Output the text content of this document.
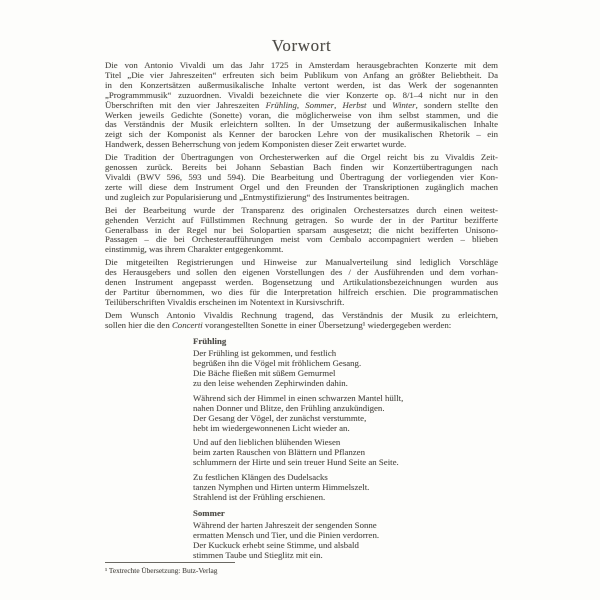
Vorwort
Die von Antonio Vivaldi um das Jahr 1725 in Amsterdam herausgebrachten Konzerte mit dem
Titel „Die vier Jahreszeiten“ erfreuten sich beim Publikum von Anfang an größter Beliebtheit. Da
in den Konzertsätzen außermusikalische Inhalte vertont werden, ist das Werk der sogenannten
„Programmmusik“ zuzuordnen. Vivaldi bezeichnete die vier Konzerte op. 8/1–4 nicht nur in den
Überschriften mit den vier Jahreszeiten Frühling, Sommer, Herbst und Winter, sondern stellte den
Werken jeweils Gedichte (Sonette) voran, die möglicherweise von ihm selbst stammen, und die
das Verständnis der Musik erleichtern sollten. In der Umsetzung der außermusikalischen Inhalte
zeigt sich der Komponist als Kenner der barocken Lehre von der musikalischen Rhetorik – ein
Handwerk, dessen Beherrschung von jedem Komponisten dieser Zeit erwartet wurde.
Die Tradition der Übertragungen von Orchesterwerken auf die Orgel reicht bis zu Vivaldis Zeit-
genossen zurück. Bereits bei Johann Sebastian Bach finden wir Konzertübertragungen nach
Vivaldi (BWV 596, 593 und 594). Die Bearbeitung und Übertragung der vorliegenden vier Kon-
zerte will diese dem Instrument Orgel und den Freunden der Transkriptionen zugänglich machen
und zugleich zur Popularisierung und „Entmystifizierung“ des Instrumentes beitragen.
Bei der Bearbeitung wurde der Transparenz des originalen Orchestersatzes durch einen weitest-
gehenden Verzicht auf Füllstimmen Rechnung getragen. So wurde der in der Partitur bezifferte
Generalbass in der Regel nur bei Solopartien sparsam ausgesetzt; die nicht bezifferten Unisono-
Passagen – die bei Orchesteraufführungen meist vom Cembalo accompagniert werden – blieben
einstimmig, was ihrem Charakter entgegenkommt.
Die mitgeteilten Registrierungen und Hinweise zur Manualverteilung sind lediglich Vorschläge
des Herausgebers und sollen den eigenen Vorstellungen des / der Ausführenden und dem vorhan-
denen Instrument angepasst werden. Bogensetzung und Artikulationsbezeichnungen wurden aus
der Partitur übernommen, wo dies für die Interpretation hilfreich erschien. Die programmatischen
Teilüberschriften Vivaldis erscheinen im Notentext in Kursivschrift.
Dem Wunsch Antonio Vivaldis Rechnung tragend, das Verständnis der Musik zu erleichtern,
sollen hier die den Concerti vorangestellten Sonette in einer Übersetzung¹ wiedergegeben werden:
Frühling
Der Frühling ist gekommen, und festlich
begrüßen ihn die Vögel mit fröhlichem Gesang.
Die Bäche fließen mit süßem Gemurmel
zu den leise wehenden Zephirwinden dahin.
Während sich der Himmel in einen schwarzen Mantel hüllt,
nahen Donner und Blitze, den Frühling anzukündigen.
Der Gesang der Vögel, der zunächst verstummte,
hebt im wiedergewonnenen Licht wieder an.
Und auf den lieblichen blühenden Wiesen
beim zarten Rauschen von Blättern und Pflanzen
schlummern der Hirte und sein treuer Hund Seite an Seite.
Zu festlichen Klängen des Dudelsacks
tanzen Nymphen und Hirten unterm Himmelszelt.
Strahlend ist der Frühling erschienen.
Sommer
Während der harten Jahreszeit der sengenden Sonne
ermatten Mensch und Tier, und die Pinien verdorren.
Der Kuckuck erhebt seine Stimme, und alsbald
stimmen Taube und Stieglitz mit ein.
¹ Textrechte Übersetzung: Butz-Verlag
